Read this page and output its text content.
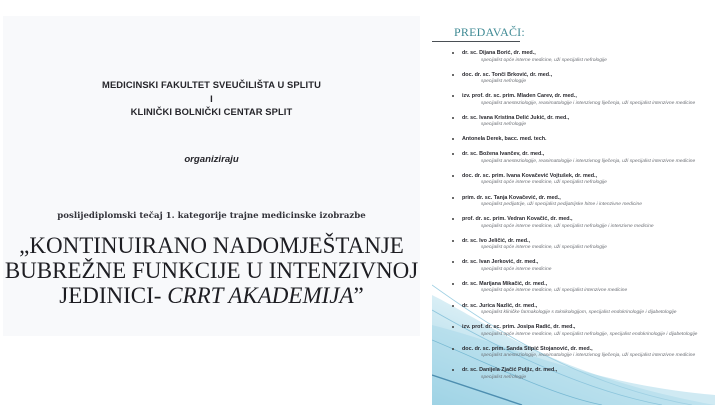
MEDICINSKI FAKULTET SVEUČILIŠTA U SPLITU
I
KLINIČKI BOLNIČKI CENTAR SPLIT
organiziraju
poslijediplomski tečaj 1. kategorije trajne medicinske izobrazbe
„KONTINUIRANO NADOMJEŠTANJE
BUBREŽNE FUNKCIJE U INTENZIVNOJ
JEDINICI- CRRT AKADEMIJA”
PREDAVAČI:
dr. sc. Dijana Borić, dr. med.,
specijalist opće interne medicine, uži specijalist nefrologije
doc. dr. sc. Tonči Brković, dr. med.,
specijalist nefrologije
izv. prof. dr. sc. prim. Mladen Carev, dr. med.,
specijalist anesteziologije, reanimatologije i intenzivnog liječenja, uži specijalist intenzivne medicine
dr. sc. Ivana Kristina Delić Jukić, dr. med.,
specijalist nefrologije
Antonela Derek, bacc. med. tech.
dr. sc. Božena Ivančev, dr. med.,
specijalist anesteziologije, reanimatologije i intenzivnog liječenja, uži specijalist intenzivne medicine
doc. dr. sc. prim. Ivana Kovačević Vojtušek, dr. med.,
specijalist opće interne medicine, uži specijalist nefrologije
prim. dr. sc. Tanja Kovačević, dr. med.,
specijalist pedijatrije, uži specijalist pedijatrijske hitne i intenzivne medicine
prof. dr. sc. prim. Vedran Kovačić, dr. med.,
specijalist opće interne medicine, uži specijalist nefrologije i intenzivne medicine
dr. sc. Ivo Jeličić, dr. med.,
specijalist opće interne medicine, uži specijalist nefrologije
dr. sc. Ivan Jerković, dr. med.,
specijalist opće interne medicine
dr. sc. Marijana Mikačić, dr. med.,
specijalist opće interne medicine, uži specijalist intenzivne medicine
dr. sc. Jurica Nazlić, dr. med.,
specijalist kliničke farmakologije s toksikologijom, specijalist endokrinologije i dijabetologije
izv. prof. dr. sc. prim. Josipa Radić, dr. med.,
specijalist opće interne medicine, uži specijalist nefrologije, specijalist endokrinologije i dijabetologije
doc. dr. sc. prim. Sanda Stipić Stojanović, dr. med.,
specijalist anesteziologije, reanimatologije i intenzivnog liječenja, uži specijalist intenzivne medicine
dr. sc. Danijela Zjačić Puljiz, dr. med.,
specijalist nefrologije
